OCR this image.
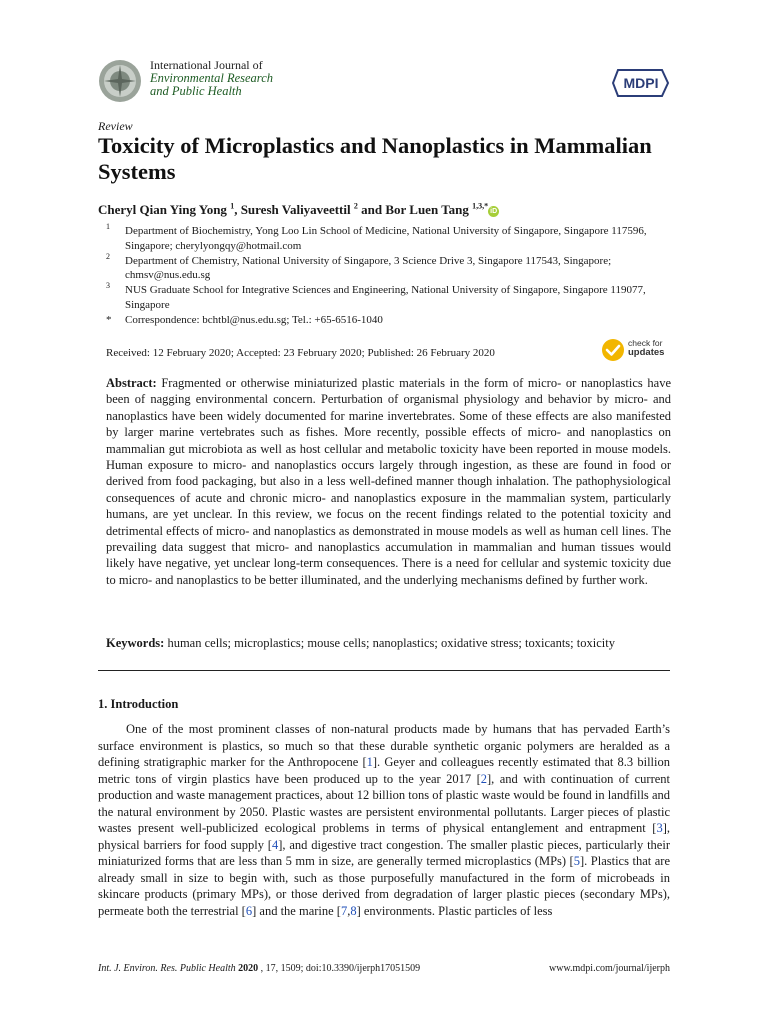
International Journal of
Environmental Research
and Public Health	MDPI
Review
Toxicity of Microplastics and Nanoplastics in Mammalian Systems
Cheryl Qian Ying Yong $^1$, Suresh Valiyaveettil $^2$ and Bor Luen Tang $^{1,3,*}$iD
1 Department of Biochemistry, Yong Loo Lin School of Medicine, National University of Singapore, Singapore 117596, Singapore; cherylyongqy@hotmail.com
2 Department of Chemistry, National University of Singapore, 3 Science Drive 3, Singapore 117543, Singapore; chmsv@nus.edu.sg
3 NUS Graduate School for Integrative Sciences and Engineering, National University of Singapore, Singapore 119077, Singapore
* Correspondence: bchtbl@nus.edu.sg; Tel.: +65-6516-1040
Received: 12 February 2020; Accepted: 23 February 2020; Published: 26 February 2020
check for
updates

Abstract: Fragmented or otherwise miniaturized plastic materials in the form of micro- or nanoplastics have been of nagging environmental concern. Perturbation of organismal physiology and behavior by micro- and nanoplastics have been widely documented for marine invertebrates. Some of these effects are also manifested by larger marine vertebrates such as fishes. More recently, possible effects of micro- and nanoplastics on mammalian gut microbiota as well as host cellular and metabolic toxicity have been reported in mouse models. Human exposure to micro- and nanoplastics occurs largely through ingestion, as these are found in food or derived from food packaging, but also in a less well-defined manner though inhalation. The pathophysiological consequences of acute and chronic micro- and nanoplastics exposure in the mammalian system, particularly humans, are yet unclear. In this review, we focus on the recent findings related to the potential toxicity and detrimental effects of micro- and nanoplastics as demonstrated in mouse models as well as human cell lines. The prevailing data suggest that micro- and nanoplastics accumulation in mammalian and human tissues would likely have negative, yet unclear long-term consequences. There is a need for cellular and systemic toxicity due to micro- and nanoplastics to be better illuminated, and the underlying mechanisms defined by further work.

Keywords: human cells; microplastics; mouse cells; nanoplastics; oxidative stress; toxicants; toxicity

1. Introduction

One of the most prominent classes of non-natural products made by humans that has pervaded Earth’s surface environment is plastics, so much so that these durable synthetic organic polymers are heralded as a defining stratigraphic marker for the Anthropocene [1]. Geyer and colleagues recently estimated that 8.3 billion metric tons of virgin plastics have been produced up to the year 2017 [2], and with continuation of current production and waste management practices, about 12 billion tons of plastic waste would be found in landfills and the natural environment by 2050. Plastic wastes are persistent environmental pollutants. Larger pieces of plastic wastes present well-publicized ecological problems in terms of physical entanglement and entrapment [3], physical barriers for food supply [4], and digestive tract congestion. The smaller plastic pieces, particularly their miniaturized forms that are less than 5 mm in size, are generally termed microplastics (MPs) [5]. Plastics that are already small in size to begin with, such as those purposefully manufactured in the form of microbeads in skincare products (primary MPs), or those derived from degradation of larger plastic pieces (secondary MPs), permeate both the terrestrial [6] and the marine [7,8] environments. Plastic particles of less

Int. J. Environ. Res. Public Health 2020 , 17, 1509; doi:10.3390/ijerph17051509	www.mdpi.com/journal/ijerph
